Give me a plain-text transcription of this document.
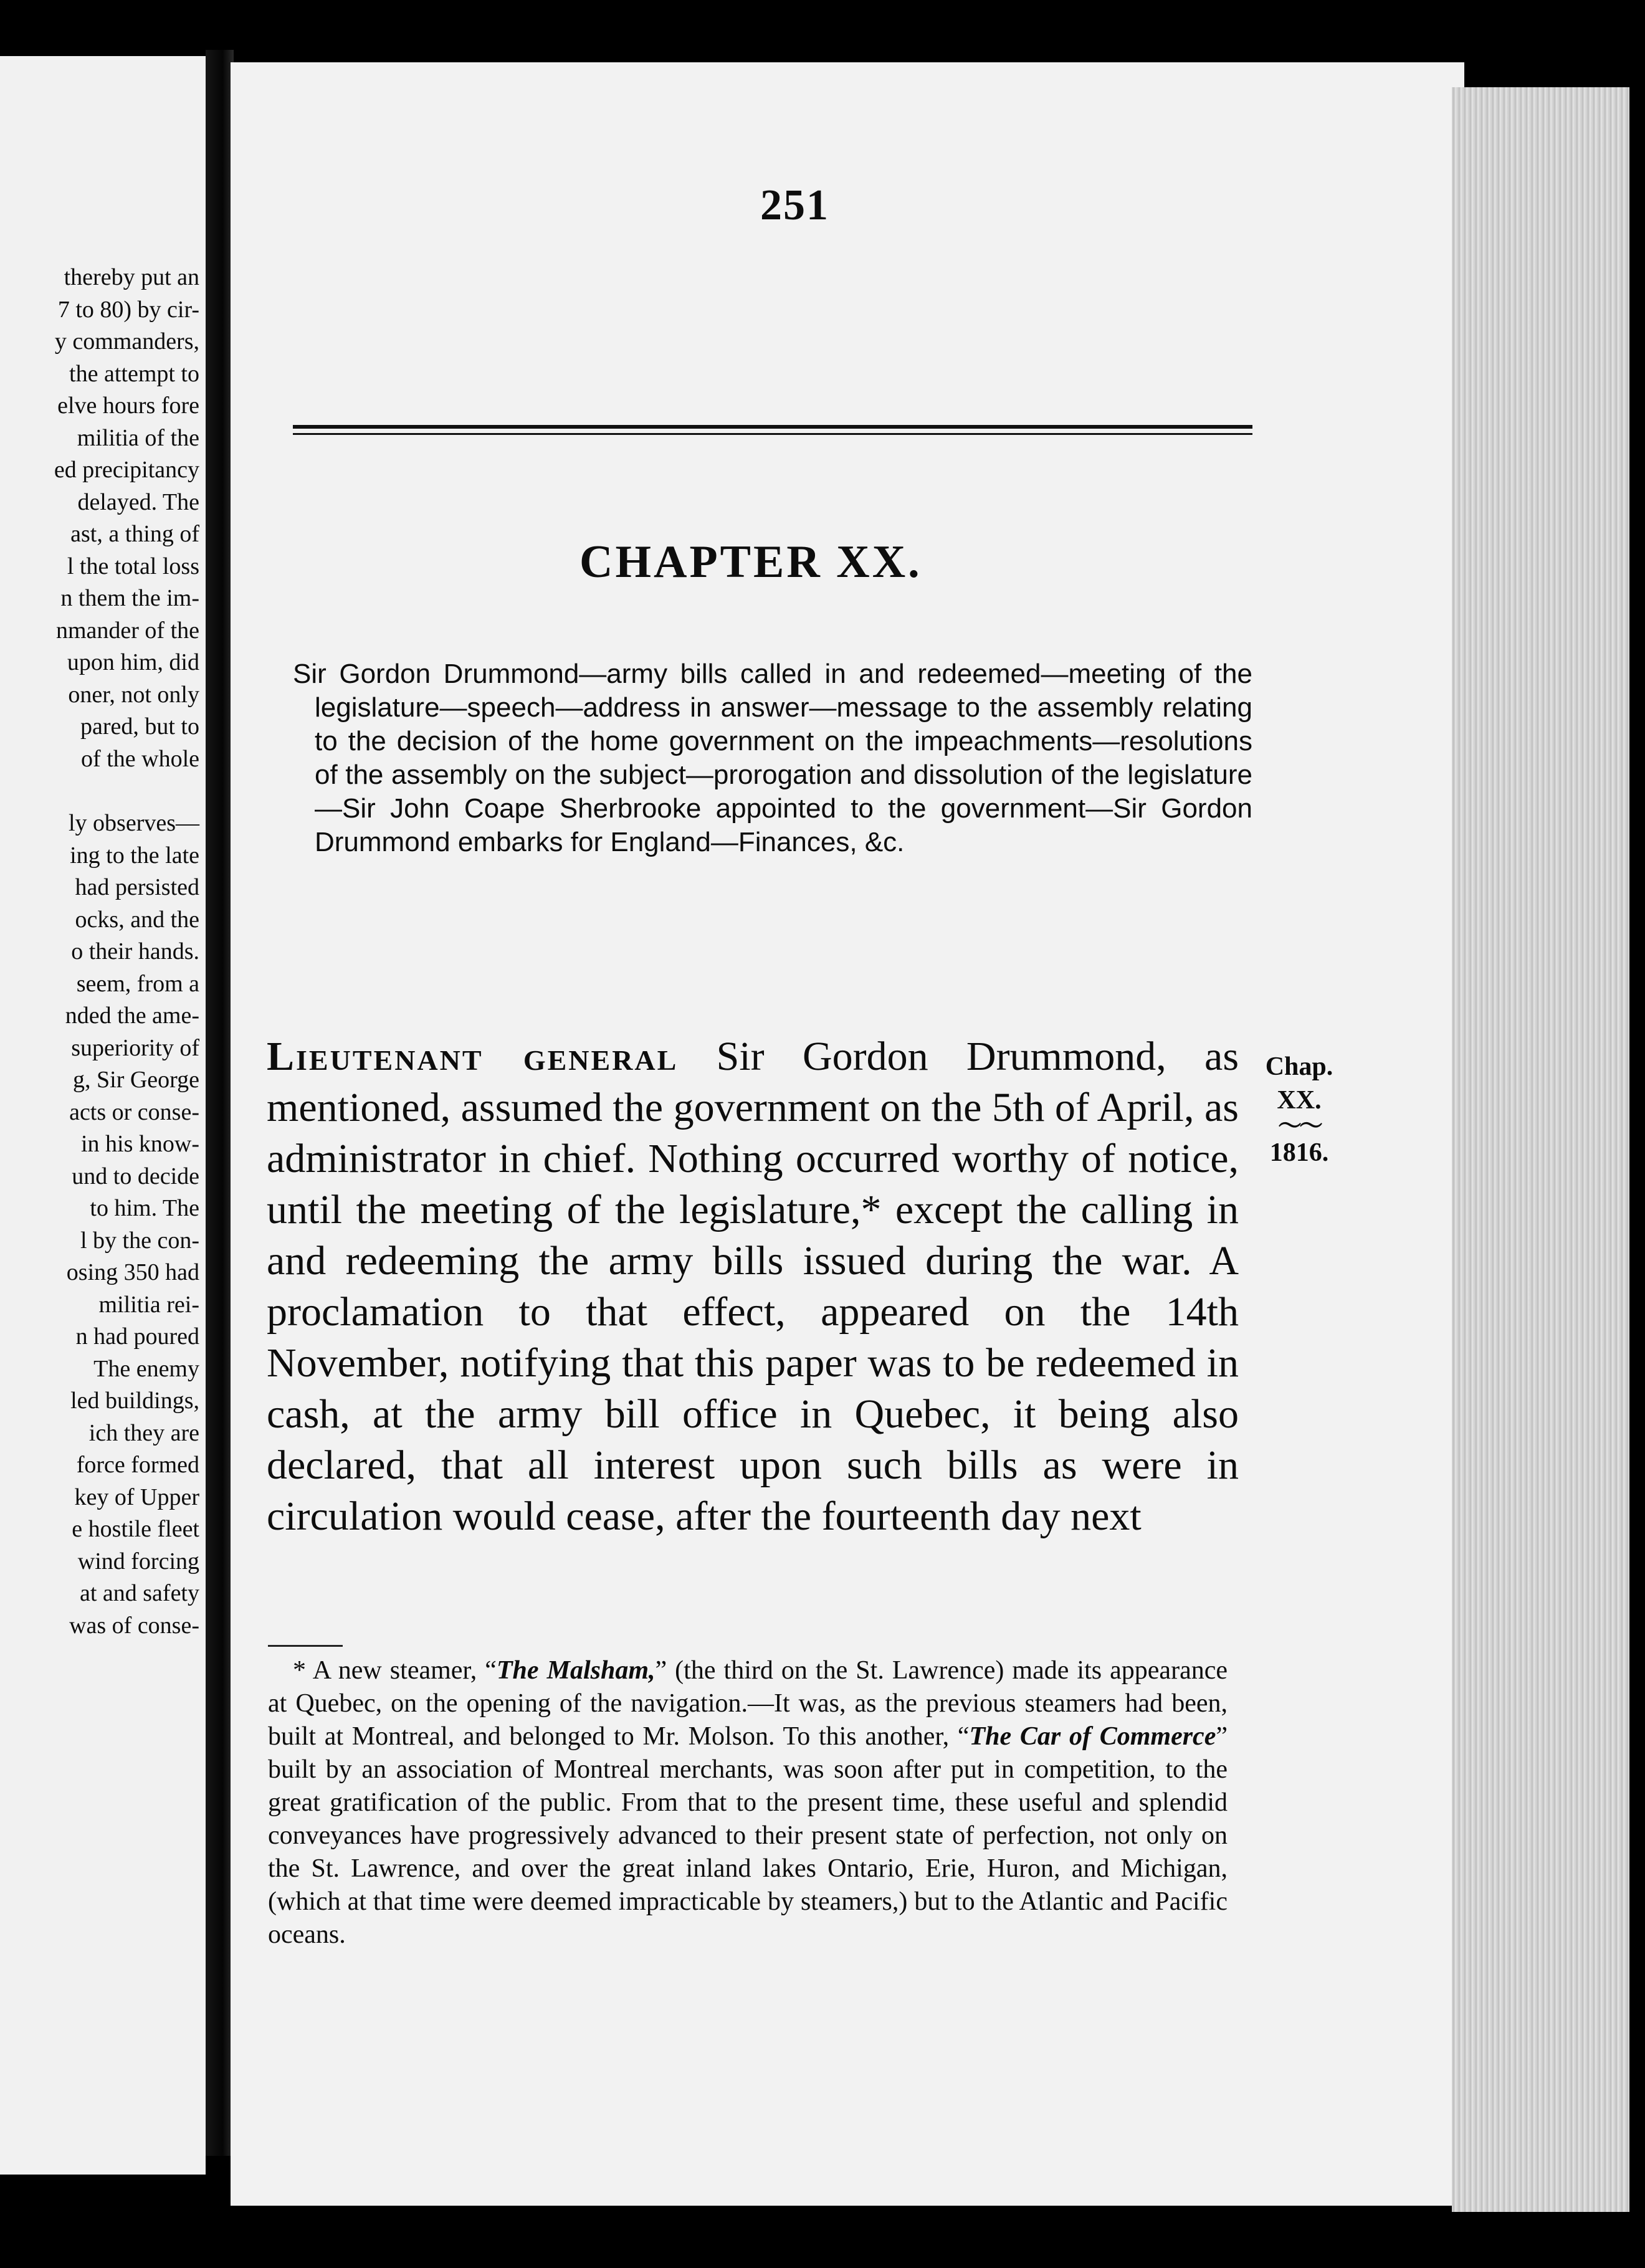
thereby put an
7 to 80) by cir-
y commanders,
the attempt to
elve hours fore
militia of the
ed precipitancy
delayed. The
ast, a thing of
l the total loss
n them the im-
nmander of the
upon him, did
oner, not only
pared, but to
of the whole
ly observes—
ing to the late
had persisted
ocks, and the
o their hands.
seem, from a
nded the ame-
superiority of
g, Sir George
acts or conse-
in his know-
und to decide
to him. The
l by the con-
osing 350 had
militia rei-
n had poured
The enemy
led buildings,
ich they are
force formed
key of Upper
e hostile fleet
wind forcing
at and safety
was of conse-
251
CHAPTER XX.
Sir Gordon Drummond—army bills called in and redeemed—meeting of the legislature—speech—address in answer—message to the assembly relating to the decision of the home government on the impeachments—resolutions of the assembly on the subject—prorogation and dissolution of the legislature—Sir John Coape Sherbrooke appointed to the government—Sir Gordon Drummond embarks for England—Finances, &c.
Lieutenant general Sir Gordon Drummond, as mentioned, assumed the government on the 5th of April, as administrator in chief. Nothing occurred worthy of notice, until the meeting of the legislature,* except the calling in and redeeming the army bills issued during the war. A proclamation to that effect, appeared on the 14th November, notifying that this paper was to be redeemed in cash, at the army bill office in Quebec, it being also declared, that all interest upon such bills as were in circulation would cease, after the fourteenth day next
Chap.
XX.
〜〜
1816.
* A new steamer, “The Malsham,” (the third on the St. Lawrence) made its appearance at Quebec, on the opening of the navigation.—It was, as the previous steamers had been, built at Montreal, and belonged to Mr. Molson. To this another, “The Car of Commerce” built by an association of Montreal merchants, was soon after put in competition, to the great gratification of the public. From that to the present time, these useful and splendid conveyances have progressively advanced to their present state of perfection, not only on the St. Lawrence, and over the great inland lakes Ontario, Erie, Huron, and Michigan, (which at that time were deemed impracticable by steamers,) but to the Atlantic and Pacific oceans.
